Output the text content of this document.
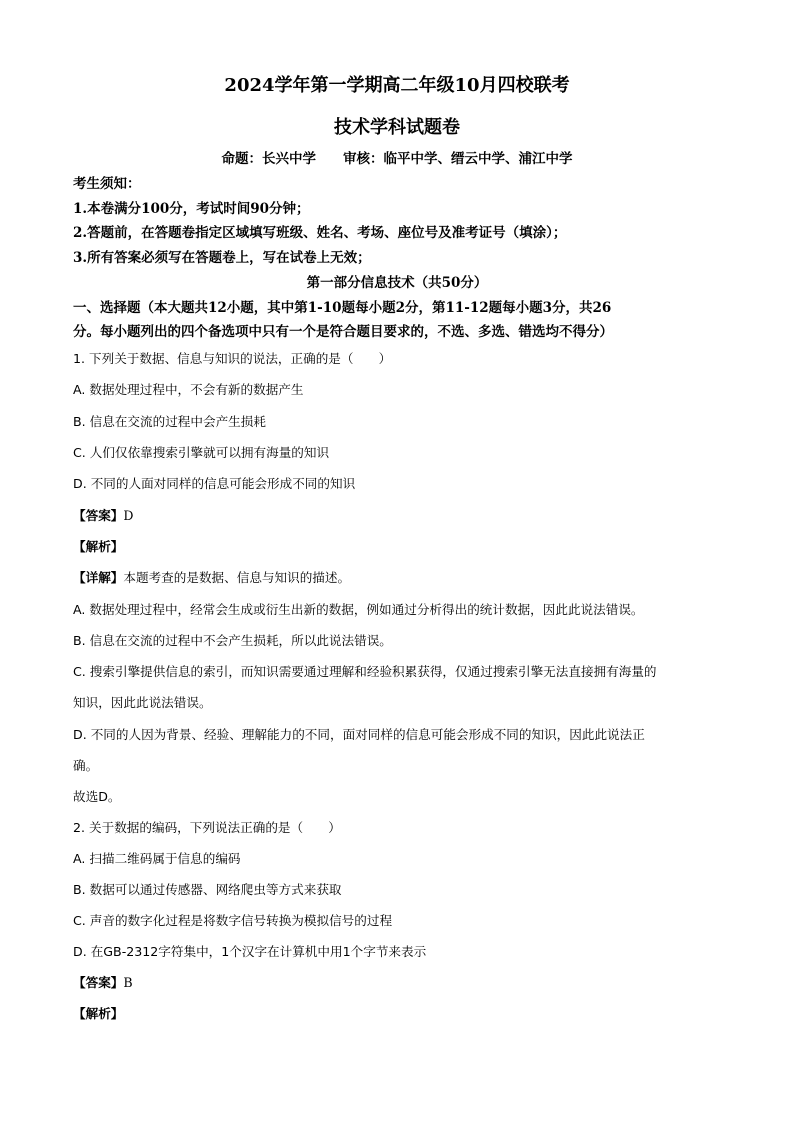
2024学年第一学期高二年级10月四校联考
技术学科试题卷
命题：长兴中学　　审核：临平中学、缙云中学、浦江中学
考生须知：
1.本卷满分100分，考试时间90分钟；
2.答题前，在答题卷指定区域填写班级、姓名、考场、座位号及准考证号（填涂）；
3.所有答案必须写在答题卷上，写在试卷上无效；
第一部分信息技术（共50分）
一、选择题（本大题共12小题，其中第1-10题每小题2分，第11-12题每小题3分，共26
分。每小题列出的四个备选项中只有一个是符合题目要求的，不选、多选、错选均不得分）
1. 下列关于数据、信息与知识的说法，正确的是（　　）
A. 数据处理过程中，不会有新的数据产生
B. 信息在交流的过程中会产生损耗
C. 人们仅依靠搜索引擎就可以拥有海量的知识
D. 不同的人面对同样的信息可能会形成不同的知识
【答案】D
【解析】
【详解】本题考查的是数据、信息与知识的描述。
A. 数据处理过程中，经常会生成或衍生出新的数据，例如通过分析得出的统计数据，因此此说法错误。
B. 信息在交流的过程中不会产生损耗，所以此说法错误。
C. 搜索引擎提供信息的索引，而知识需要通过理解和经验积累获得，仅通过搜索引擎无法直接拥有海量的
知识，因此此说法错误。
D. 不同的人因为背景、经验、理解能力的不同，面对同样的信息可能会形成不同的知识，因此此说法正
确。
故选D。
2. 关于数据的编码，下列说法正确的是（　　）
A. 扫描二维码属于信息的编码
B. 数据可以通过传感器、网络爬虫等方式来获取
C. 声音的数字化过程是将数字信号转换为模拟信号的过程
D. 在GB-2312字符集中，1个汉字在计算机中用1个字节来表示
【答案】B
【解析】
